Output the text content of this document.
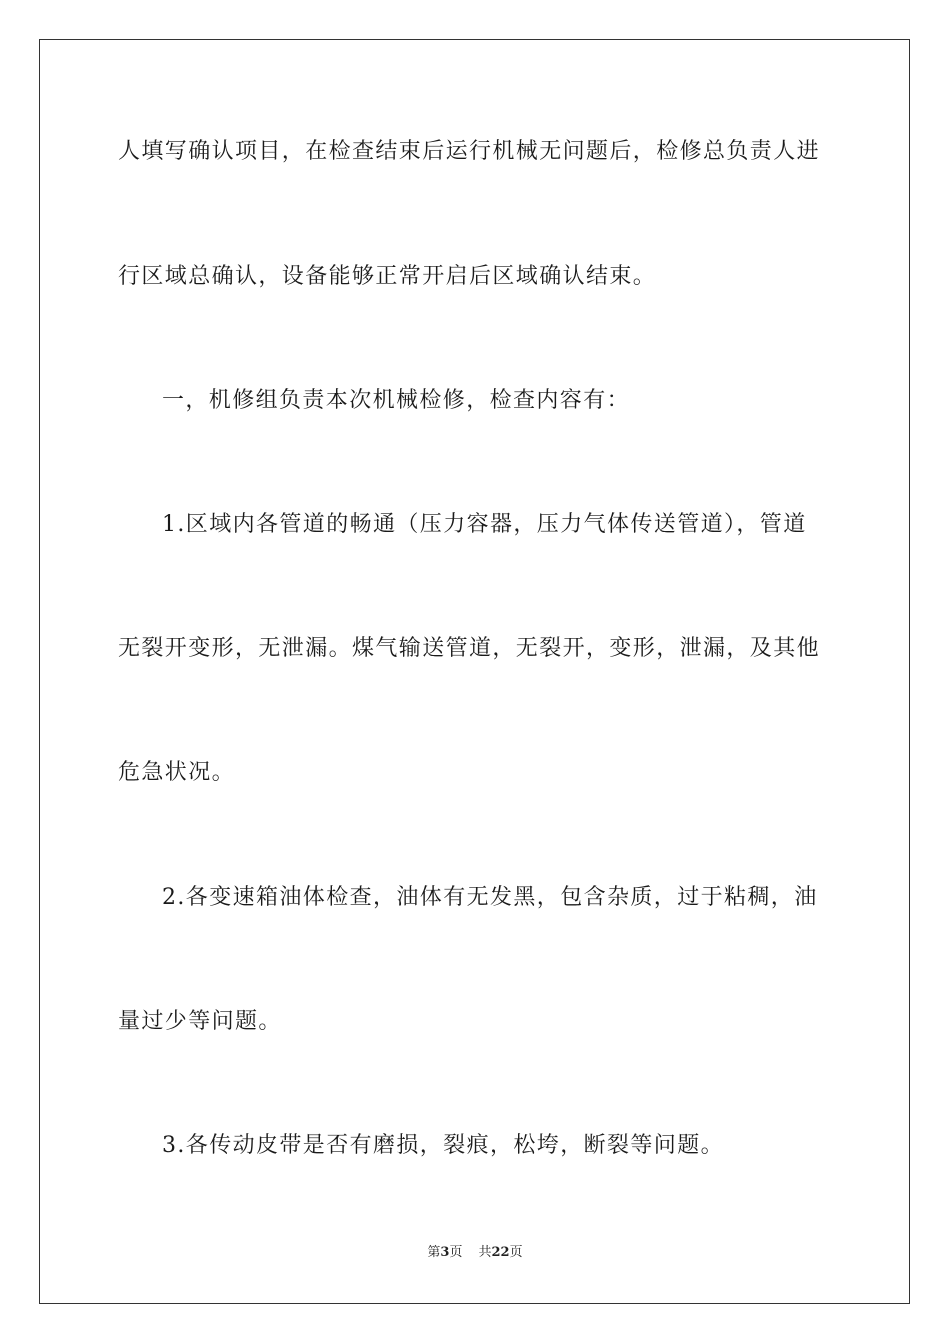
人填写确认项目，在检查结束后运行机械无问题后，检修总负责人进
行区域总确认，设备能够正常开启后区域确认结束。
一，机修组负责本次机械检修，检查内容有：
1.区域内各管道的畅通（压力容器，压力气体传送管道），管道
无裂开变形，无泄漏。煤气输送管道，无裂开，变形，泄漏，及其他
危急状况。
2.各变速箱油体检查，油体有无发黑，包含杂质，过于粘稠，油
量过少等问题。
3.各传动皮带是否有磨损，裂痕，松垮，断裂等问题。
第3页 共22页
